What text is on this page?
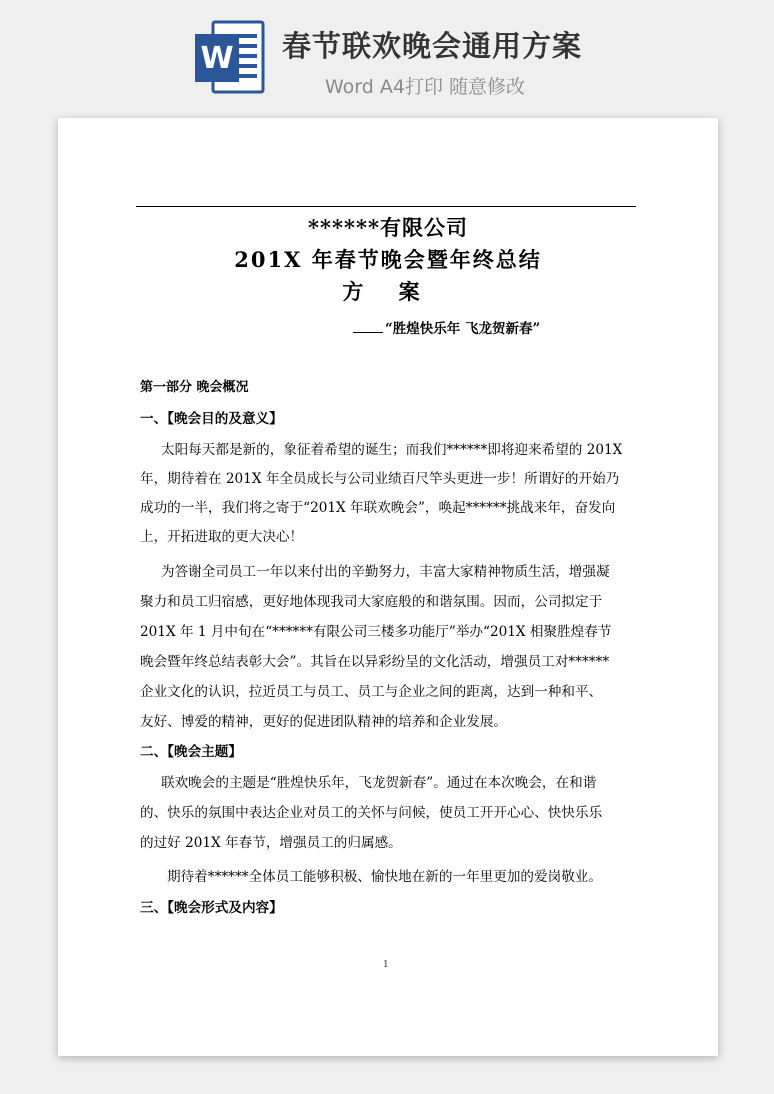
W 春节联欢晚会通用方案
Word A4打印 随意修改
******有限公司
201X 年春节晚会暨年终总结
方 案
“胜煌快乐年 飞龙贺新春”
第一部分 晚会概况
一、【晚会目的及意义】
太阳每天都是新的，象征着希望的诞生；而我们******即将迎来希望的 201X
年，期待着在 201X 年全员成长与公司业绩百尺竿头更进一步！所谓好的开始乃
成功的一半，我们将之寄于“201X 年联欢晚会”，唤起******挑战来年，奋发向
上，开拓进取的更大决心！
为答谢全司员工一年以来付出的辛勤努力，丰富大家精神物质生活，增强凝
聚力和员工归宿感，更好地体现我司大家庭般的和谐氛围。因而，公司拟定于
201X 年 1 月中旬在“******有限公司三楼多功能厅”举办“201X 相聚胜煌春节
晚会暨年终总结表彰大会”。其旨在以异彩纷呈的文化活动，增强员工对******
企业文化的认识，拉近员工与员工、员工与企业之间的距离，达到一种和平、
友好、博爱的精神，更好的促进团队精神的培养和企业发展。
二、【晚会主题】
联欢晚会的主题是“胜煌快乐年，飞龙贺新春”。通过在本次晚会，在和谐
的、快乐的氛围中表达企业对员工的关怀与问候，使员工开开心心、快快乐乐
的过好 201X 年春节，增强员工的归属感。
期待着******全体员工能够积极、愉快地在新的一年里更加的爱岗敬业。
三、【晚会形式及内容】
1
